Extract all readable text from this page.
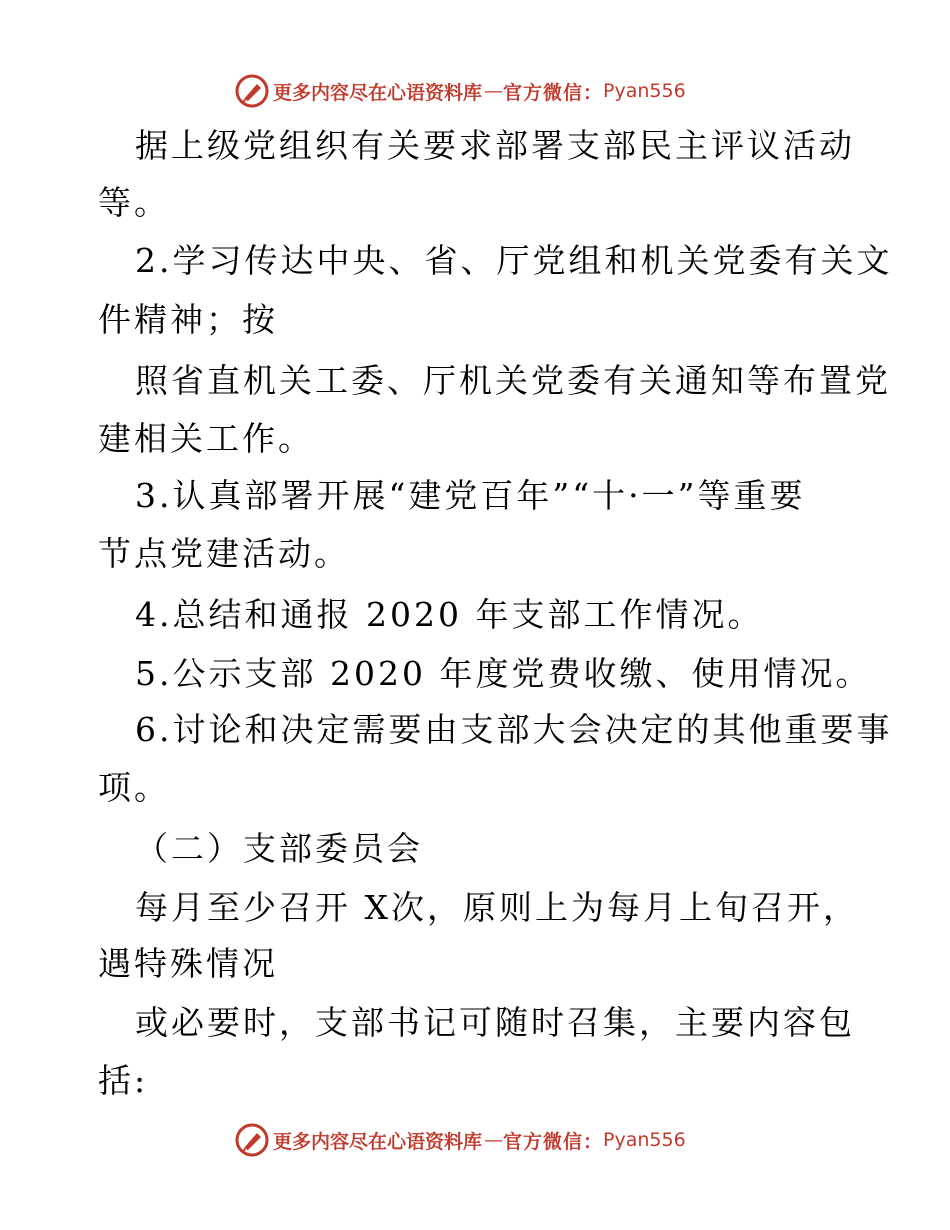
更多内容尽在心语资料库 — 官方微信： Pyan556
据上级党组织有关要求部署支部民主评议活动
等。
2.学习传达中央、省、厅党组和机关党委有关文
件精神；按
照省直机关工委、厅机关党委有关通知等布置党
建相关工作。
3.认真部署开展“建党百年”“十·一”等重要
节点党建活动。
4.总结和通报 2020 年支部工作情况。
5.公示支部 2020 年度党费收缴、使用情况。
6.讨论和决定需要由支部大会决定的其他重要事
项。
（二）支部委员会
每月至少召开 X次，原则上为每月上旬召开，
遇特殊情况
或必要时，支部书记可随时召集，主要内容包
括:
更多内容尽在心语资料库 — 官方微信： Pyan556
